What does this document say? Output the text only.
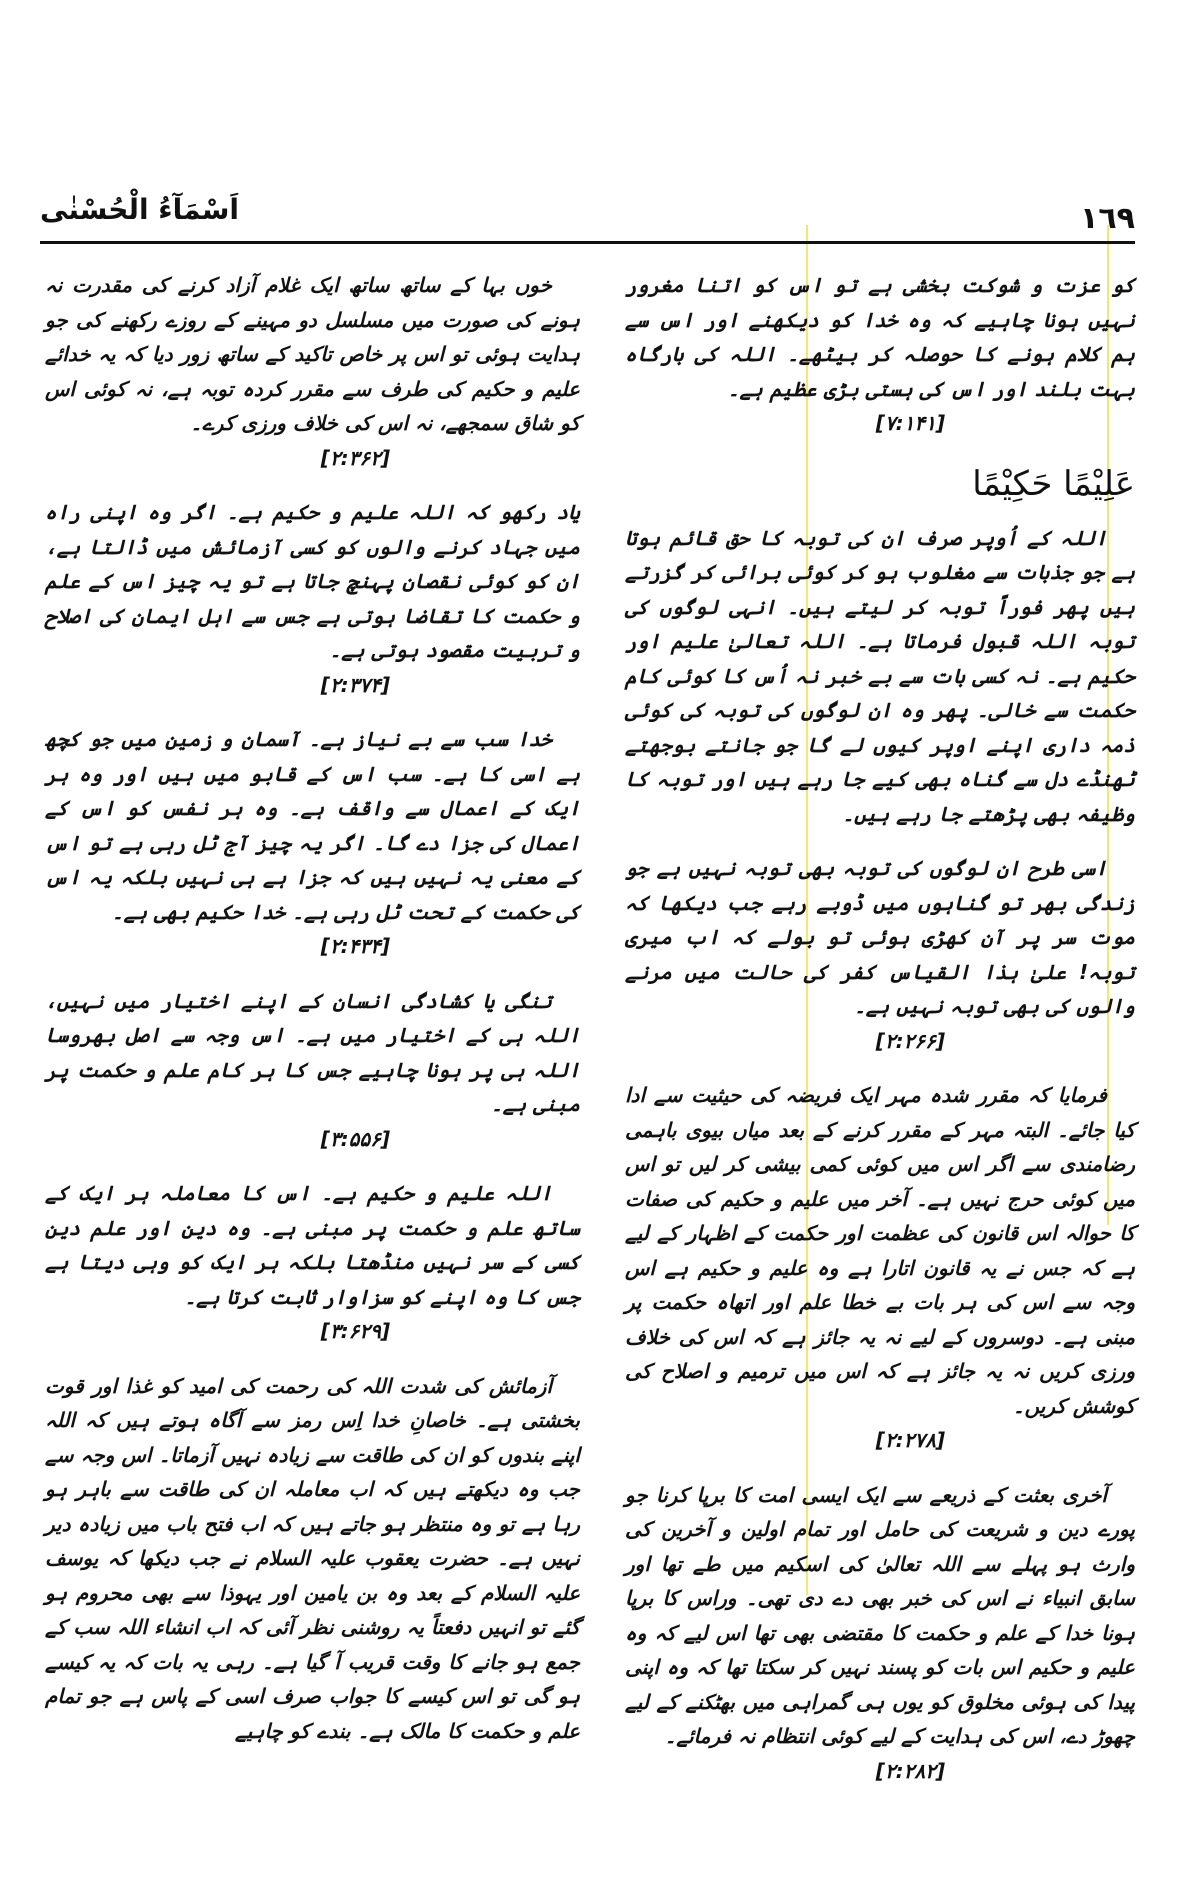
١٦٩
اَسْمَآءُ الْحُسْنٰی

کو عزت و شوکت بخشی ہے تو اس کو اتنا مغرور نہیں ہونا چاہیے کہ وہ خدا کو دیکھنے اور اس سے ہم کلام ہونے کا حوصلہ کر بیٹھے۔ اللہ کی بارگاہ بہت بلند اور اس کی ہستی بڑی عظیم ہے۔
[۷:۱۴۱]

عَلِیْمًا حَکِیْمًا

اللہ کے اُوپر صرف ان کی توبہ کا حق قائم ہوتا ہے جو جذبات سے مغلوب ہو کر کوئی برائی کر گزرتے ہیں پھر فوراً توبہ کر لیتے ہیں۔ انہی لوگوں کی توبہ اللہ قبول فرماتا ہے۔ اللہ تعالیٰ علیم اور حکیم ہے۔ نہ کسی بات سے بے خبر نہ اُس کا کوئی کام حکمت سے خالی۔ پھر وہ ان لوگوں کی توبہ کی کوئی ذمہ داری اپنے اوپر کیوں لے گا جو جانتے بوجھتے ٹھنڈے دل سے گناہ بھی کیے جا رہے ہیں اور توبہ کا وظیفہ بھی پڑھتے جا رہے ہیں۔

اسی طرح ان لوگوں کی توبہ بھی توبہ نہیں ہے جو زندگی بھر تو گناہوں میں ڈوبے رہے جب دیکھا کہ موت سر پر آن کھڑی ہوئی تو بولے کہ اب میری توبہ! علیٰ ہذا القیاس کفر کی حالت میں مرنے والوں کی بھی توبہ نہیں ہے۔
[۲:۲۶۶]

فرمایا کہ مقرر شدہ مہر ایک فریضہ کی حیثیت سے ادا کیا جائے۔ البتہ مہر کے مقرر کرنے کے بعد میاں بیوی باہمی رضامندی سے اگر اس میں کوئی کمی بیشی کر لیں تو اس میں کوئی حرج نہیں ہے۔ آخر میں علیم و حکیم کی صفات کا حوالہ اس قانون کی عظمت اور حکمت کے اظہار کے لیے ہے کہ جس نے یہ قانون اتارا ہے وہ علیم و حکیم ہے اس وجہ سے اس کی ہر بات بے خطا علم اور اتھاہ حکمت پر مبنی ہے۔ دوسروں کے لیے نہ یہ جائز ہے کہ اس کی خلاف ورزی کریں نہ یہ جائز ہے کہ اس میں ترمیم و اصلاح کی کوشش کریں۔
[۲:۲۷۸]

آخری بعثت کے ذریعے سے ایک ایسی امت کا برپا کرنا جو پورے دین و شریعت کی حامل اور تمام اولین و آخرین کی وارث ہو پہلے سے اللہ تعالیٰ کی اسکیم میں طے تھا اور سابق انبیاء نے اس کی خبر بھی دے دی تھی۔ وراس کا برپا ہونا خدا کے علم و حکمت کا مقتضی بھی تھا اس لیے کہ وہ علیم و حکیم اس بات کو پسند نہیں کر سکتا تھا کہ وہ اپنی پیدا کی ہوئی مخلوق کو یوں ہی گمراہی میں بھٹکنے کے لیے چھوڑ دے، اس کی ہدایت کے لیے کوئی انتظام نہ فرمائے۔
[۲:۲۸۲]

خوں بہا کے ساتھ ساتھ ایک غلام آزاد کرنے کی مقدرت نہ ہونے کی صورت میں مسلسل دو مہینے کے روزے رکھنے کی جو ہدایت ہوئی تو اس پر خاص تاکید کے ساتھ زور دیا کہ یہ خدائے علیم و حکیم کی طرف سے مقرر کردہ توبہ ہے، نہ کوئی اس کو شاق سمجھے، نہ اس کی خلاف ورزی کرے۔
[۲:۳۶۲]

یاد رکھو کہ اللہ علیم و حکیم ہے۔ اگر وہ اپنی راہ میں جہاد کرنے والوں کو کسی آزمائش میں ڈالتا ہے، ان کو کوئی نقصان پہنچ جاتا ہے تو یہ چیز اس کے علم و حکمت کا تقاضا ہوتی ہے جس سے اہل ایمان کی اصلاح و تربیت مقصود ہوتی ہے۔
[۲:۳۷۴]

خدا سب سے بے نیاز ہے۔ آسمان و زمین میں جو کچھ ہے اسی کا ہے۔ سب اس کے قابو میں ہیں اور وہ ہر ایک کے اعمال سے واقف ہے۔ وہ ہر نفس کو اس کے اعمال کی جزا دے گا۔ اگر یہ چیز آج ٹل رہی ہے تو اس کے معنی یہ نہیں ہیں کہ جزا ہے ہی نہیں بلکہ یہ اس کی حکمت کے تحت ٹل رہی ہے۔ خدا حکیم بھی ہے۔
[۲:۴۳۴]

تنگی یا کشادگی انسان کے اپنے اختیار میں نہیں، اللہ ہی کے اختیار میں ہے۔ اس وجہ سے اصل بھروسا اللہ ہی پر ہونا چاہیے جس کا ہر کام علم و حکمت پر مبنی ہے۔
[۳:۵۵۶]

اللہ علیم و حکیم ہے۔ اس کا معاملہ ہر ایک کے ساتھ علم و حکمت پر مبنی ہے۔ وہ دین اور علم دین کسی کے سر نہیں منڈھتا بلکہ ہر ایک کو وہی دیتا ہے جس کا وہ اپنے کو سزاوار ثابت کرتا ہے۔
[۳:۶۲۹]

آزمائش کی شدت اللہ کی رحمت کی امید کو غذا اور قوت بخشتی ہے۔ خاصانِ خدا اِس رمز سے آگاہ ہوتے ہیں کہ اللہ اپنے بندوں کو ان کی طاقت سے زیادہ نہیں آزماتا۔ اس وجہ سے جب وہ دیکھتے ہیں کہ اب معاملہ ان کی طاقت سے باہر ہو رہا ہے تو وہ منتظر ہو جاتے ہیں کہ اب فتح باب میں زیادہ دیر نہیں ہے۔ حضرت یعقوب علیہ السلام نے جب دیکھا کہ یوسف علیہ السلام کے بعد وہ بن یامین اور یہوذا سے بھی محروم ہو گئے تو انہیں دفعتاً یہ روشنی نظر آئی کہ اب انشاء اللہ سب کے جمع ہو جانے کا وقت قریب آ گیا ہے۔ رہی یہ بات کہ یہ کیسے ہو گی تو اس کیسے کا جواب صرف اسی کے پاس ہے جو تمام علم و حکمت کا مالک ہے۔ بندے کو چاہیے
